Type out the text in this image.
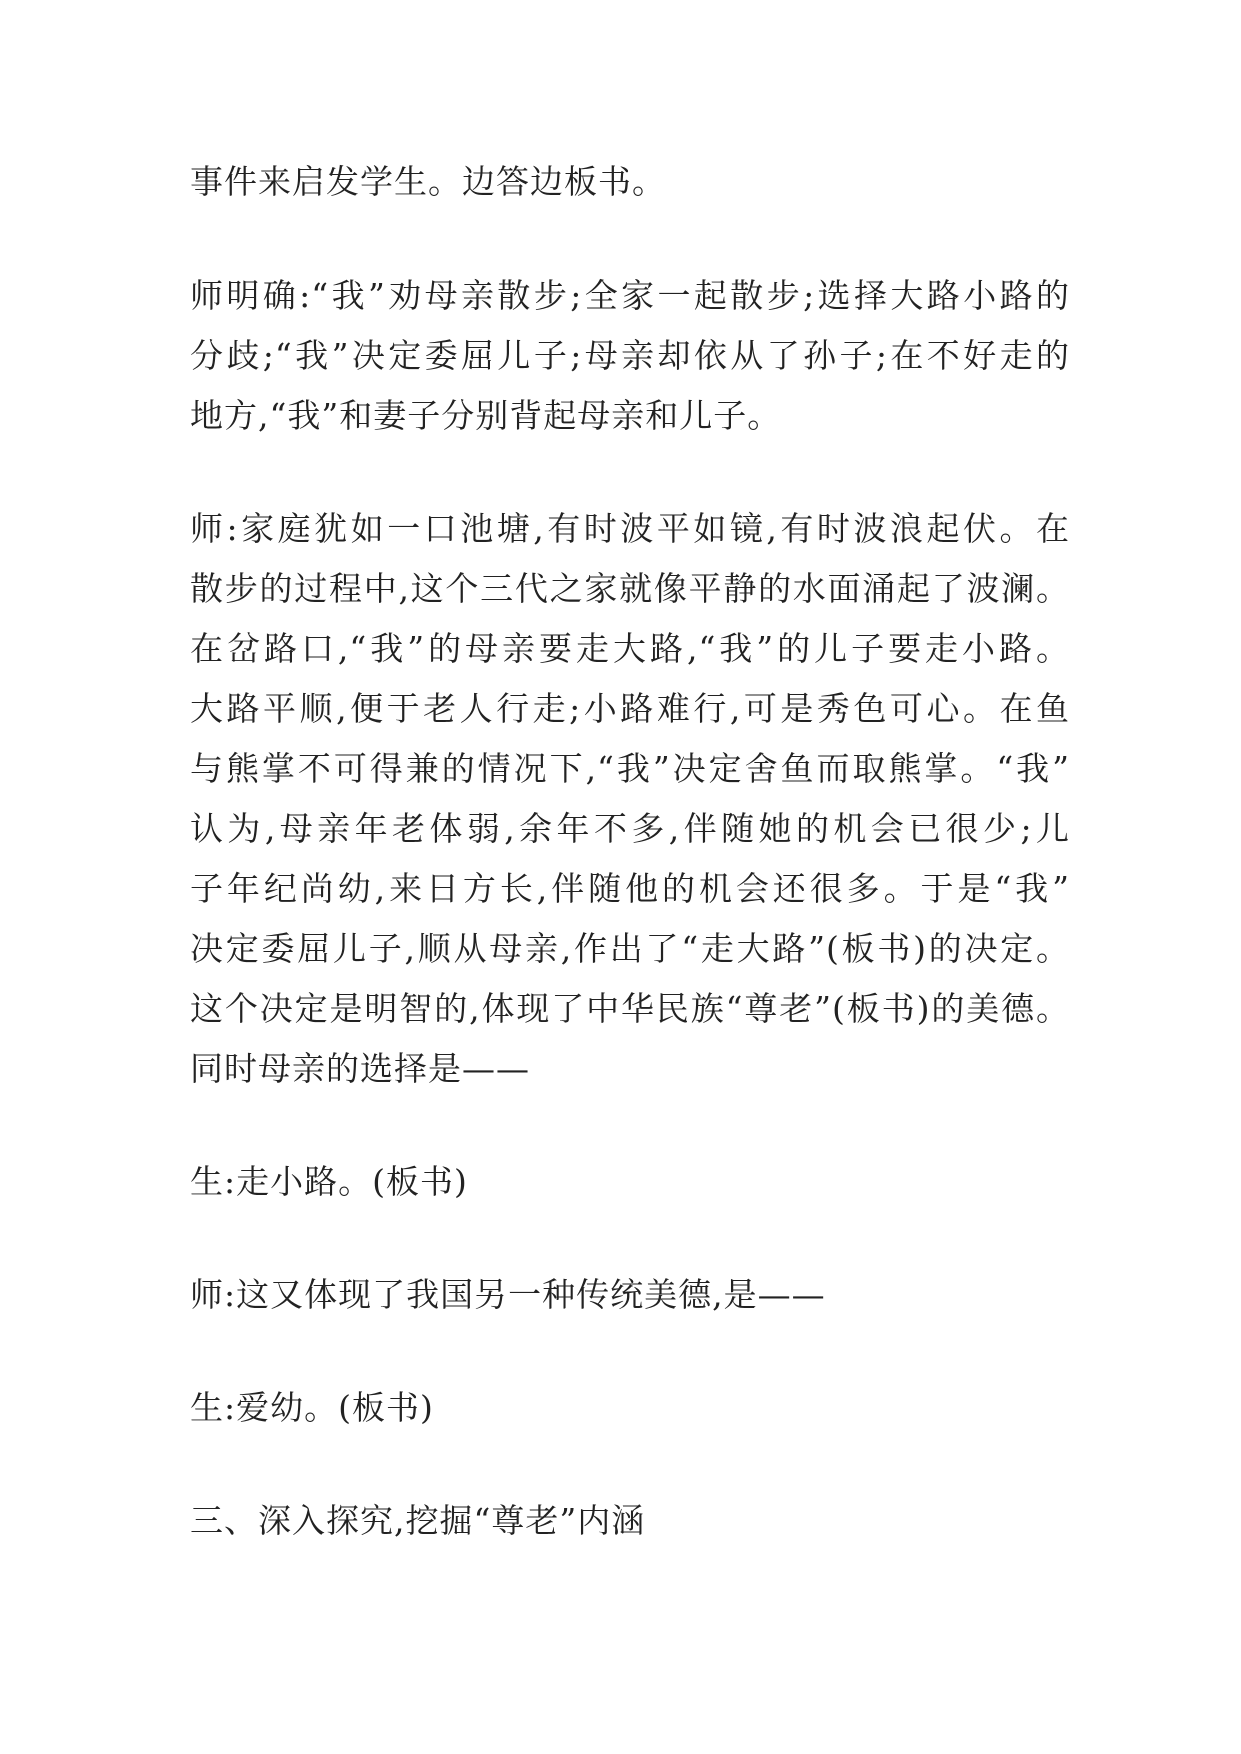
事件来启发学生。边答边板书。
师明确:“我”劝母亲散步;全家一起散步;选择大路小路的
分歧;“我”决定委屈儿子;母亲却依从了孙子;在不好走的
地方,“我”和妻子分别背起母亲和儿子。
师:家庭犹如一口池塘,有时波平如镜,有时波浪起伏。在
散步的过程中,这个三代之家就像平静的水面涌起了波澜。
在岔路口,“我”的母亲要走大路,“我”的儿子要走小路。
大路平顺,便于老人行走;小路难行,可是秀色可心。在鱼
与熊掌不可得兼的情况下,“我”决定舍鱼而取熊掌。“我”
认为,母亲年老体弱,余年不多,伴随她的机会已很少;儿
子年纪尚幼,来日方长,伴随他的机会还很多。于是“我”
决定委屈儿子,顺从母亲,作出了“走大路”(板书)的决定。
这个决定是明智的,体现了中华民族“尊老”(板书)的美德。
同时母亲的选择是——
生:走小路。(板书)
师:这又体现了我国另一种传统美德,是——
生:爱幼。(板书)
三、深入探究,挖掘“尊老”内涵
